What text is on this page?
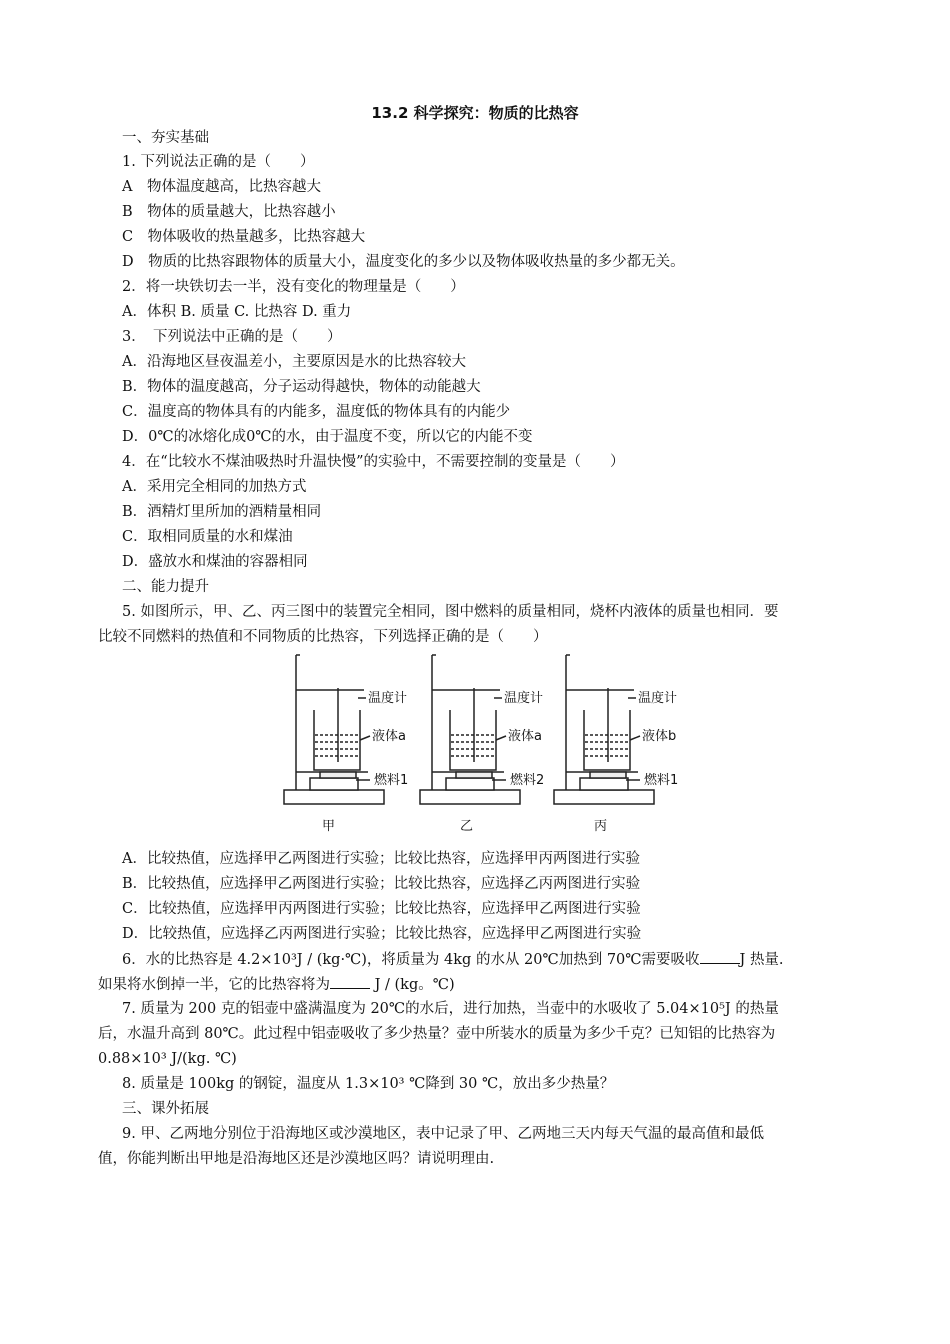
13.2 科学探究：物质的比热容
一、夯实基础
1. 下列说法正确的是（　　）
A　物体温度越高，比热容越大
B　物体的质量越大，比热容越小
C　物体吸收的热量越多，比热容越大
D　物质的比热容跟物体的质量大小，温度变化的多少以及物体吸收热量的多少都无关。
2．将一块铁切去一半，没有变化的物理量是（　　）
A．体积 B. 质量 C. 比热容 D. 重力
3．　下列说法中正确的是（　　）
A．沿海地区昼夜温差小，主要原因是水的比热容较大
B．物体的温度越高，分子运动得越快，物体的动能越大
C．温度高的物体具有的内能多，温度低的物体具有的内能少
D．0℃的冰熔化成0℃的水，由于温度不变，所以它的内能不变
4．在“比较水不煤油吸热时升温快慢”的实验中，不需要控制的变量是（　　）
A．采用完全相同的加热方式
B．酒精灯里所加的酒精量相同
C．取相同质量的水和煤油
D．盛放水和煤油的容器相同
二、能力提升
5. 如图所示，甲、乙、丙三图中的装置完全相同，图中燃料的质量相同，烧杯内液体的质量也相同．要
比较不同燃料的热值和不同物质的比热容，下列选择正确的是（　　）
温度计
液体a
燃料1
甲
温度计
液体a
燃料2
乙
温度计
液体b
燃料1
丙
A．比较热值，应选择甲乙两图进行实验；比较比热容，应选择甲丙两图进行实验
B．比较热值，应选择甲乙两图进行实验；比较比热容，应选择乙丙两图进行实验
C．比较热值，应选择甲丙两图进行实验；比较比热容，应选择甲乙两图进行实验
D．比较热值，应选择乙丙两图进行实验；比较比热容，应选择甲乙两图进行实验
6．水的比热容是 4.2×10³J / (kg·℃)，将质量为 4kg 的水从 20℃加热到 70℃需要吸收	J 热量.
如果将水倒掉一半，它的比热容将为	J / (kg。℃)
7. 质量为 200 克的铝壶中盛满温度为 20℃的水后，进行加热，当壶中的水吸收了 5.04×10⁵J 的热量
后，水温升高到 80℃。此过程中铝壶吸收了多少热量？壶中所装水的质量为多少千克？已知铝的比热容为
0.88×10³ J/(kg. ℃)
8. 质量是 100kg 的钢锭，温度从 1.3×10³ ℃降到 30 ℃，放出多少热量？
三、课外拓展
9. 甲、乙两地分别位于沿海地区或沙漠地区，表中记录了甲、乙两地三天内每天气温的最高值和最低
值，你能判断出甲地是沿海地区还是沙漠地区吗？请说明理由.
